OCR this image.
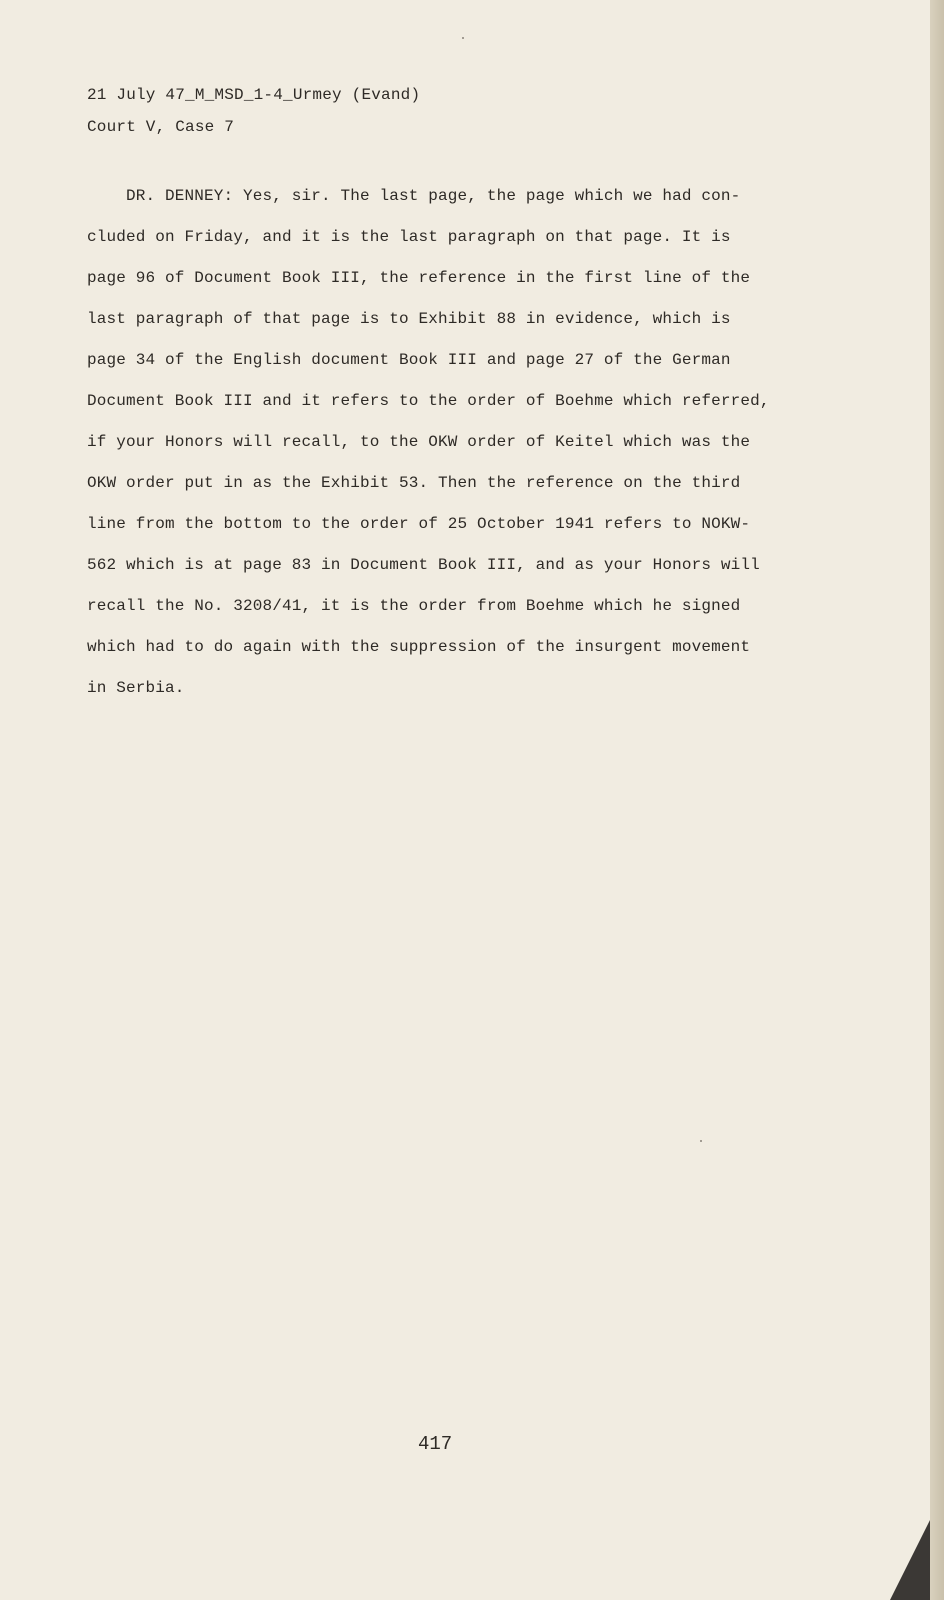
21 July 47_M_MSD_1-4_Urmey (Evand)
Court V, Case 7
DR. DENNEY: Yes, sir. The last page, the page which we had con-
cluded on Friday, and it is the last paragraph on that page. It is
page 96 of Document Book III, the reference in the first line of the
last paragraph of that page is to Exhibit 88 in evidence, which is
page 34 of the English document Book III and page 27 of the German
Document Book III and it refers to the order of Boehme which referred,
if your Honors will recall, to the OKW order of Keitel which was the
OKW order put in as the Exhibit 53. Then the reference on the third
line from the bottom to the order of 25 October 1941 refers to NOKW-
562 which is at page 83 in Document Book III, and as your Honors will
recall the No. 3208/41, it is the order from Boehme which he signed
which had to do again with the suppression of the insurgent movement
in Serbia.
417
